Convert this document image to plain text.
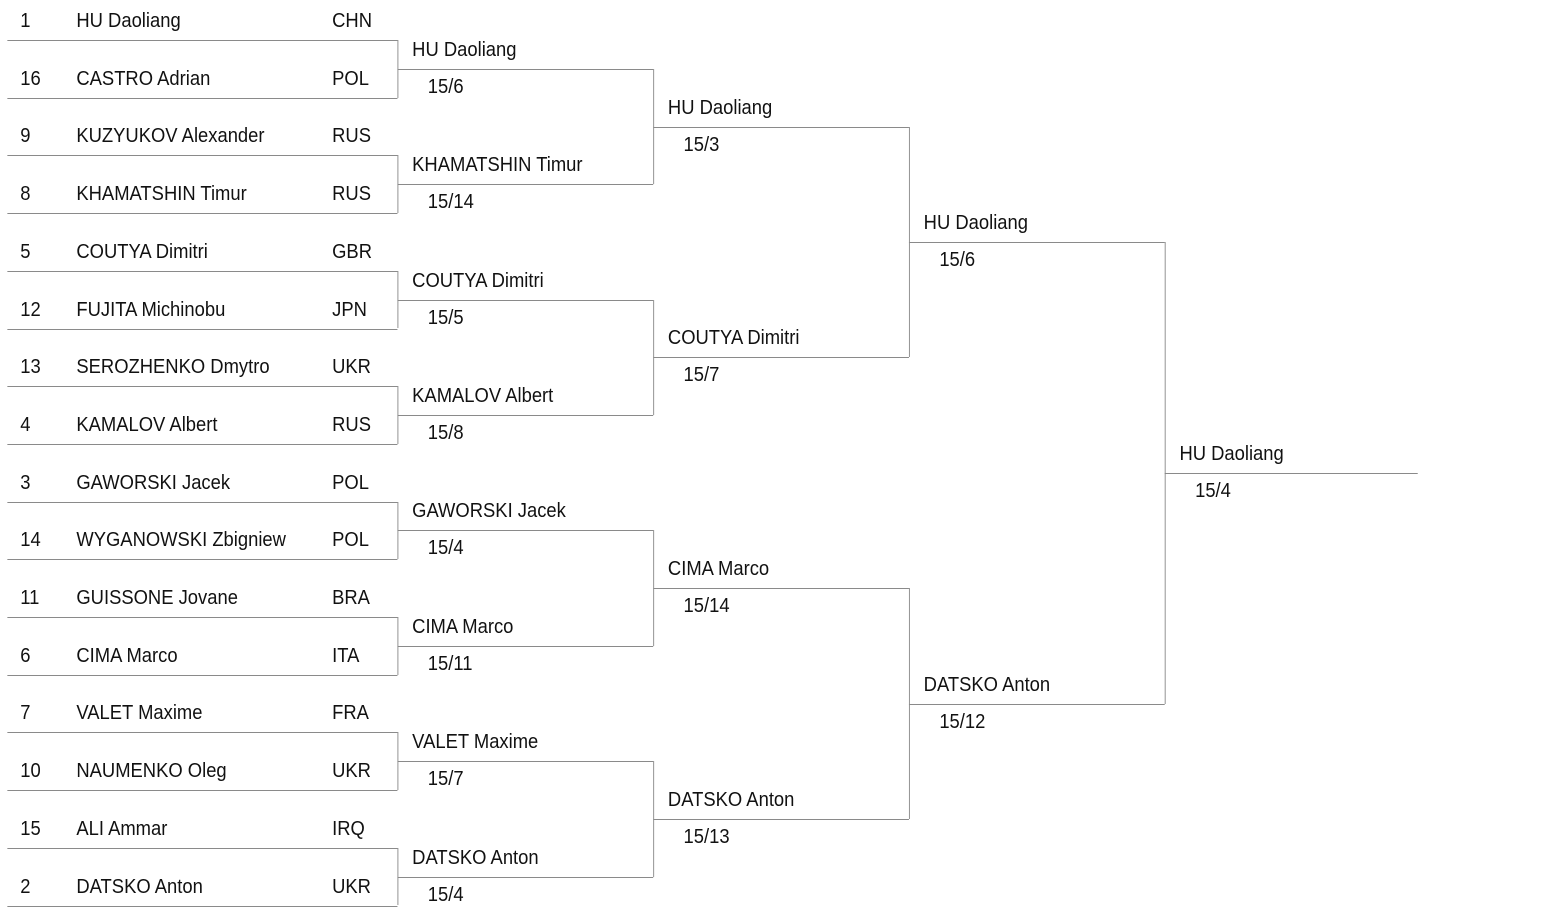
1 HU Daoliang	CHN
16 CASTRO Adrian	POL
9 KUZYUKOV Alexander	RUS
8 KHAMATSHIN Timur	RUS
5 COUTYA Dimitri	GBR
12 FUJITA Michinobu	JPN
13 SEROZHENKO Dmytro	UKR
4 KAMALOV Albert	RUS
3 GAWORSKI Jacek	POL
14 WYGANOWSKI Zbigniew POL
11 GUISSONE Jovane	BRA
6 CIMA Marco	ITA
7 VALET Maxime	FRA
10 NAUMENKO Oleg	UKR
15 ALI Ammar	IRQ
2 DATSKO Anton	UKR
HU Daoliang
15/6
KHAMATSHIN Timur
15/14
COUTYA Dimitri
15/5
KAMALOV Albert
15/8
GAWORSKI Jacek
15/4
CIMA Marco
15/11
VALET Maxime
15/7
DATSKO Anton
15/4
HU Daoliang
15/3
COUTYA Dimitri
15/7
CIMA Marco
15/14
DATSKO Anton
15/13
HU Daoliang
15/6
DATSKO Anton
15/12
HU Daoliang
15/4
